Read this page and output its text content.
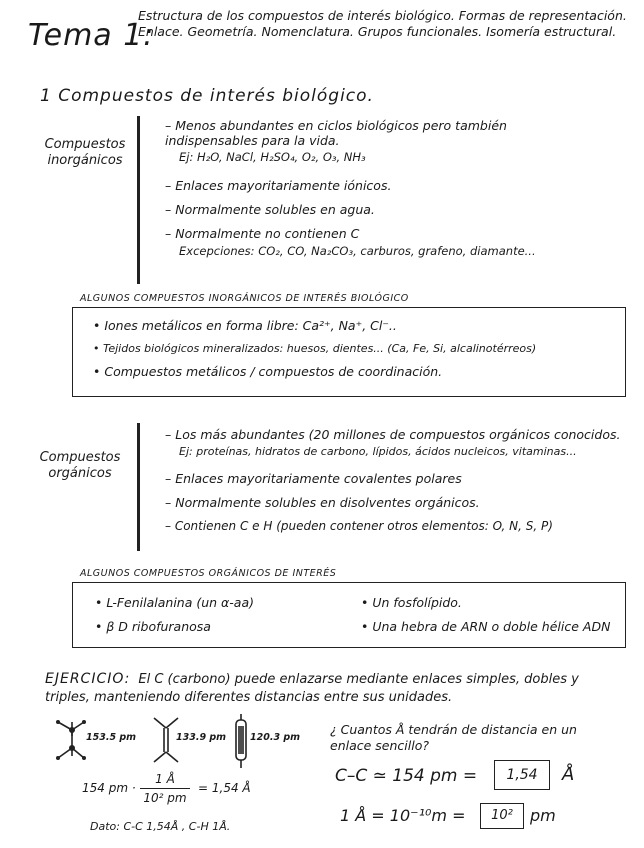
Tema 1:
Estructura de los compuestos de interés biológico. Formas de representación. Enlace. Geometría. Nomenclatura. Grupos funcionales. Isomería estructural.
1 Compuestos de interés biológico.
Compuestos inorgánicos
– Menos abundantes en ciclos biológicos pero también indispensables para la vida.
Ej: H₂O, NaCl, H₂SO₄, O₂, O₃, NH₃
– Enlaces mayoritariamente iónicos.
– Normalmente solubles en agua.
– Normalmente no contienen C
Excepciones: CO₂, CO, Na₂CO₃, carburos, grafeno, diamante...
ALGUNOS COMPUESTOS INORGÁNICOS DE INTERÉS BIOLÓGICO
• Iones metálicos en forma libre: Ca²⁺, Na⁺, Cl⁻..
• Tejidos biológicos mineralizados: huesos, dientes... (Ca, Fe, Si, alcalinotérreos)
• Compuestos metálicos / compuestos de coordinación.
Compuestos orgánicos
– Los más abundantes (20 millones de compuestos orgánicos conocidos.
Ej: proteínas, hidratos de carbono, lípidos, ácidos nucleicos, vitaminas...
– Enlaces mayoritariamente covalentes polares
– Normalmente solubles en disolventes orgánicos.
– Contienen C e H (pueden contener otros elementos: O, N, S, P)
ALGUNOS COMPUESTOS ORGÁNICOS DE INTERÉS
• L-Fenilalanina (un α-aa)
• β D ribofuranosa
• Un fosfolípido.
• Una hebra de ARN o doble hélice ADN
EJERCICIO: El C (carbono) puede enlazarse mediante enlaces simples, dobles y triples, manteniendo diferentes distancias entre sus unidades.
153.5 pm	133.9 pm	120.3 pm
154 pm ·
1 Å
10² pm
= 1,54 Å
Dato: C-C 1,54Å , C-H 1Å.
¿ Cuantos Å tendrán de distancia en un enlace sencillo?
C–C ≃ 154 pm =	1,54	Å
1 Å = 10⁻¹⁰m =	10²	pm
